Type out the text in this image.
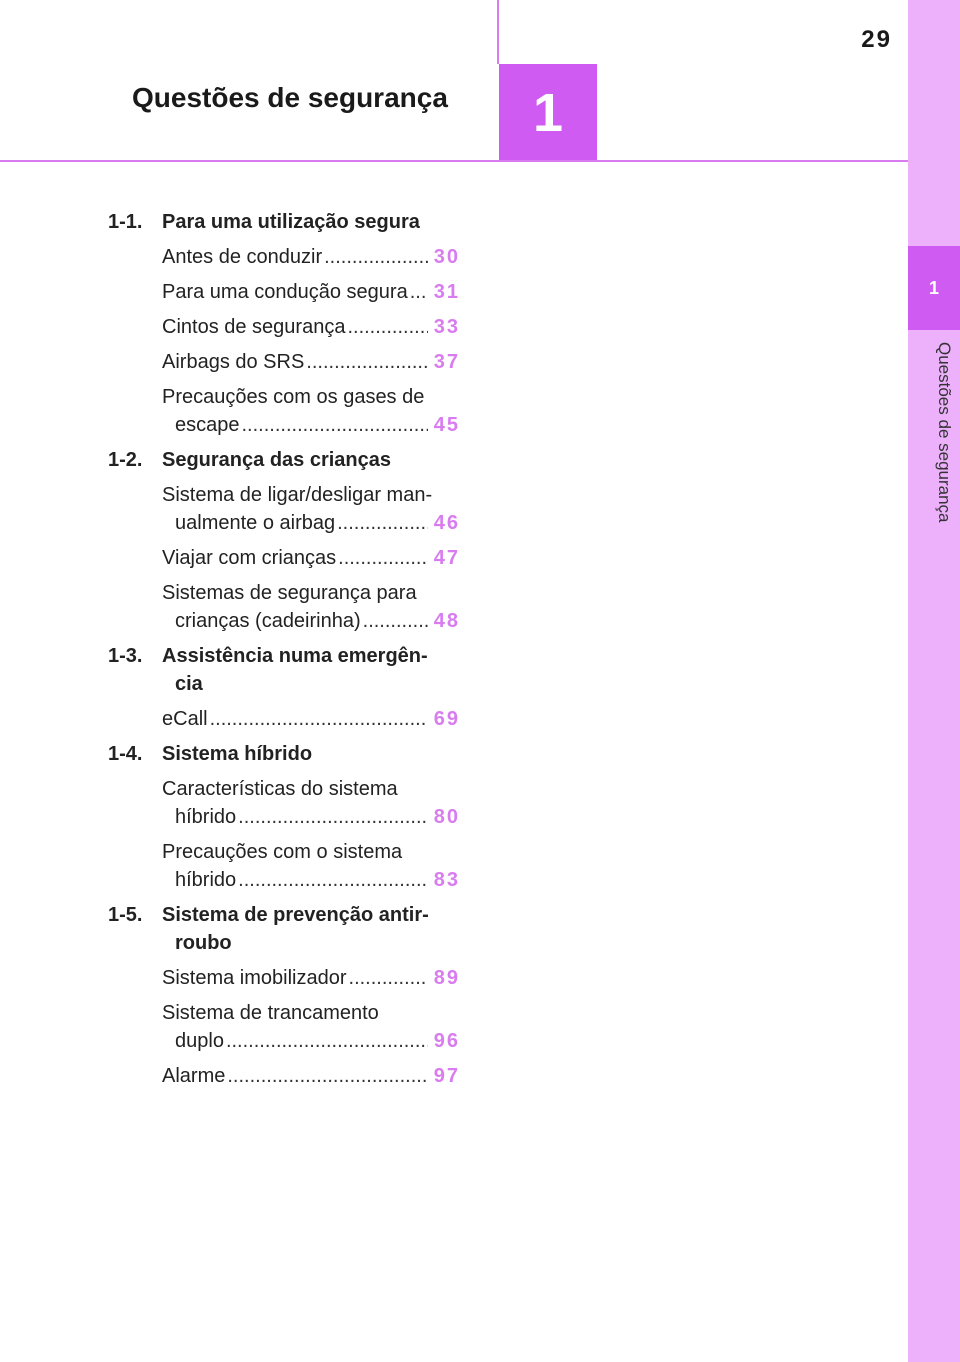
29
Questões de segurança	1
1
Questões de segurança
1-1. Para uma utilização segura
Antes de conduzir .....	30
Para uma condução segura ..... 31
Cintos de segurança .....	33
Airbags do SRS .....	37
Precauções com os gases de
escape .....	45
1-2. Segurança das crianças
Sistema de ligar/desligar man-
ualmente o airbag .....	46
Viajar com crianças .....	47
Sistemas de segurança para
crianças (cadeirinha) .....	48
1-3. Assistência numa emergên-
cia
eCall .....	69
1-4. Sistema híbrido
Características do sistema
híbrido .....	80
Precauções com o sistema
híbrido .....	83
1-5. Sistema de prevenção antir-
roubo
Sistema imobilizador .....	89
Sistema de trancamento
duplo .....	96
Alarme .....	97
